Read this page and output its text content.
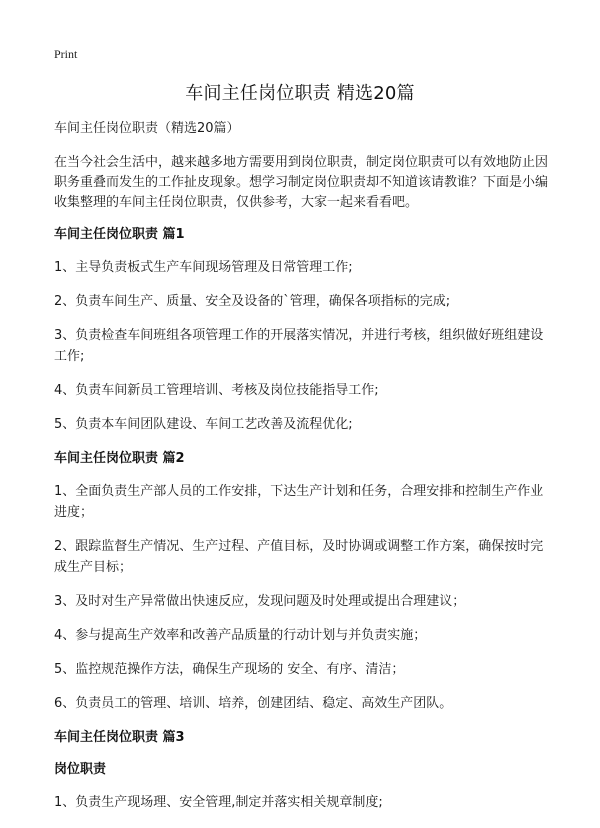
Print
车间主任岗位职责 精选20篇

车间主任岗位职责（精选20篇）

在当今社会生活中，越来越多地方需要用到岗位职责，制定岗位职责可以有效地防止因职务重叠而发生的工作扯皮现象。想学习制定岗位职责却不知道该请教谁？下面是小编收集整理的车间主任岗位职责，仅供参考，大家一起来看看吧。

车间主任岗位职责 篇1

1、主导负责板式生产车间现场管理及日常管理工作;

2、负责车间生产、质量、安全及设备的`管理，确保各项指标的完成;

3、负责检查车间班组各项管理工作的开展落实情况，并进行考核，组织做好班组建设工作;

4、负责车间新员工管理培训、考核及岗位技能指导工作;

5、负责本车间团队建设、车间工艺改善及流程优化;

车间主任岗位职责 篇2

1、全面负责生产部人员的工作安排，下达生产计划和任务，合理安排和控制生产作业进度；

2、跟踪监督生产情况、生产过程、产值目标，及时协调或调整工作方案，确保按时完成生产目标；

3、及时对生产异常做出快速反应，发现问题及时处理或提出合理建议；

4、参与提高生产效率和改善产品质量的行动计划与并负责实施；

5、监控规范操作方法，确保生产现场的 安全、有序、清洁；

6、负责员工的管理、培训、培养，创建团结、稳定、高效生产团队。

车间主任岗位职责 篇3

岗位职责

1、负责生产现场理、安全管理,制定并落实相关规章制度;
